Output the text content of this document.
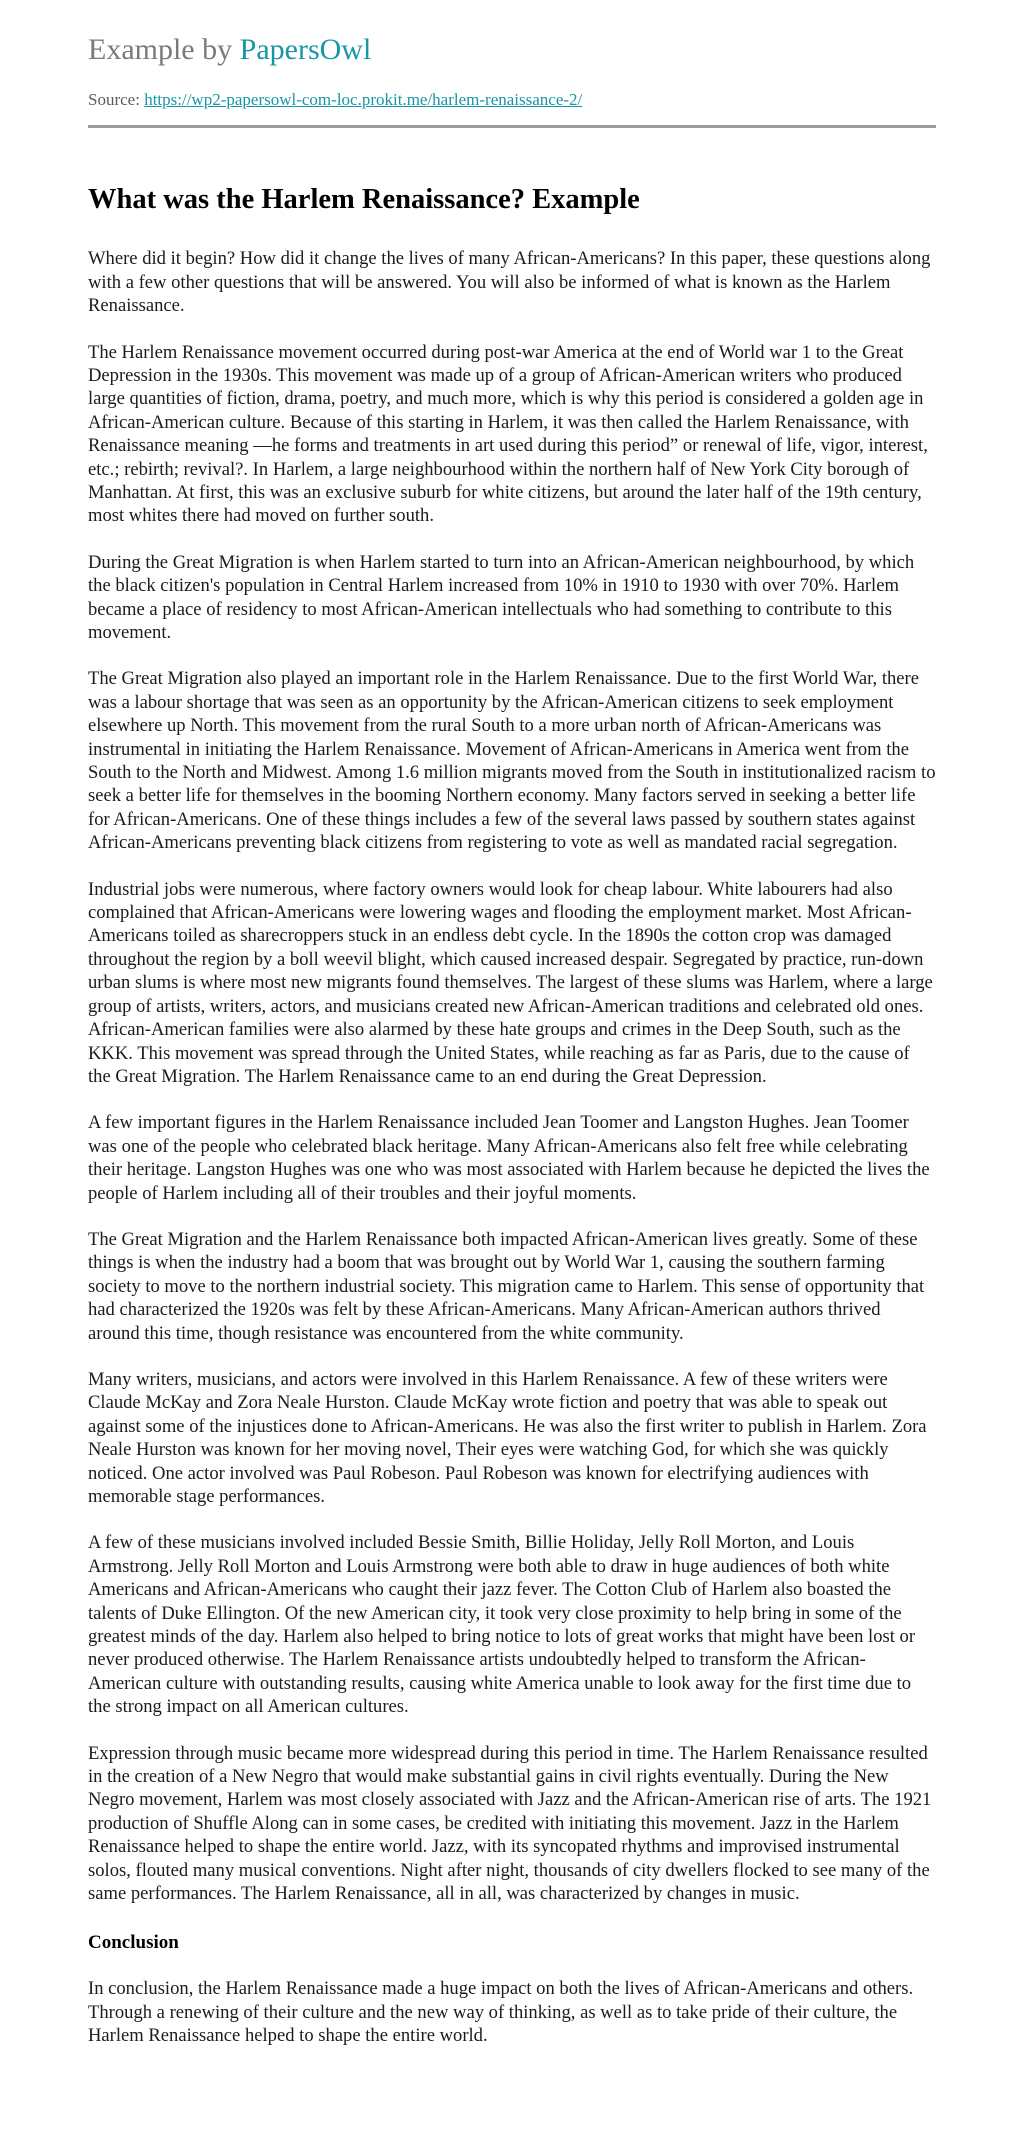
Example by PapersOwl
Source: https://wp2-papersowl-com-loc.prokit.me/harlem-renaissance-2/
What was the Harlem Renaissance? Example

Where did it begin? How did it change the lives of many African-Americans? In this paper, these questions along with a few other questions that will be answered. You will also be informed of what is known as the Harlem Renaissance.

The Harlem Renaissance movement occurred during post-war America at the end of World war 1 to the Great Depression in the 1930s. This movement was made up of a group of African-American writers who produced large quantities of fiction, drama, poetry, and much more, which is why this period is considered a golden age in African-American culture. Because of this starting in Harlem, it was then called the Harlem Renaissance, with Renaissance meaning —he forms and treatments in art used during this period” or renewal of life, vigor, interest, etc.; rebirth; revival?. In Harlem, a large neighbourhood within the northern half of New York City borough of Manhattan. At first, this was an exclusive suburb for white citizens, but around the later half of the 19th century, most whites there had moved on further south.

During the Great Migration is when Harlem started to turn into an African-American neighbourhood, by which the black citizen's population in Central Harlem increased from 10% in 1910 to 1930 with over 70%. Harlem became a place of residency to most African-American intellectuals who had something to contribute to this movement.

The Great Migration also played an important role in the Harlem Renaissance. Due to the first World War, there was a labour shortage that was seen as an opportunity by the African-American citizens to seek employment elsewhere up North. This movement from the rural South to a more urban north of African-Americans was instrumental in initiating the Harlem Renaissance. Movement of African-Americans in America went from the South to the North and Midwest. Among 1.6 million migrants moved from the South in institutionalized racism to seek a better life for themselves in the booming Northern economy. Many factors served in seeking a better life for African-Americans. One of these things includes a few of the several laws passed by southern states against African-Americans preventing black citizens from registering to vote as well as mandated racial segregation.

Industrial jobs were numerous, where factory owners would look for cheap labour. White labourers had also complained that African-Americans were lowering wages and flooding the employment market. Most African-Americans toiled as sharecroppers stuck in an endless debt cycle. In the 1890s the cotton crop was damaged throughout the region by a boll weevil blight, which caused increased despair. Segregated by practice, run-down urban slums is where most new migrants found themselves. The largest of these slums was Harlem, where a large group of artists, writers, actors, and musicians created new African-American traditions and celebrated old ones. African-American families were also alarmed by these hate groups and crimes in the Deep South, such as the KKK. This movement was spread through the United States, while reaching as far as Paris, due to the cause of the Great Migration. The Harlem Renaissance came to an end during the Great Depression.

A few important figures in the Harlem Renaissance included Jean Toomer and Langston Hughes. Jean Toomer was one of the people who celebrated black heritage. Many African-Americans also felt free while celebrating their heritage. Langston Hughes was one who was most associated with Harlem because he depicted the lives the people of Harlem including all of their troubles and their joyful moments.

The Great Migration and the Harlem Renaissance both impacted African-American lives greatly. Some of these things is when the industry had a boom that was brought out by World War 1, causing the southern farming society to move to the northern industrial society. This migration came to Harlem. This sense of opportunity that had characterized the 1920s was felt by these African-Americans. Many African-American authors thrived around this time, though resistance was encountered from the white community.

Many writers, musicians, and actors were involved in this Harlem Renaissance. A few of these writers were Claude McKay and Zora Neale Hurston. Claude McKay wrote fiction and poetry that was able to speak out against some of the injustices done to African-Americans. He was also the first writer to publish in Harlem. Zora Neale Hurston was known for her moving novel, Their eyes were watching God, for which she was quickly noticed. One actor involved was Paul Robeson. Paul Robeson was known for electrifying audiences with memorable stage performances.

A few of these musicians involved included Bessie Smith, Billie Holiday, Jelly Roll Morton, and Louis Armstrong. Jelly Roll Morton and Louis Armstrong were both able to draw in huge audiences of both white Americans and African-Americans who caught their jazz fever. The Cotton Club of Harlem also boasted the talents of Duke Ellington. Of the new American city, it took very close proximity to help bring in some of the greatest minds of the day. Harlem also helped to bring notice to lots of great works that might have been lost or never produced otherwise. The Harlem Renaissance artists undoubtedly helped to transform the African-American culture with outstanding results, causing white America unable to look away for the first time due to the strong impact on all American cultures.

Expression through music became more widespread during this period in time. The Harlem Renaissance resulted in the creation of a New Negro that would make substantial gains in civil rights eventually. During the New Negro movement, Harlem was most closely associated with Jazz and the African-American rise of arts. The 1921 production of Shuffle Along can in some cases, be credited with initiating this movement. Jazz in the Harlem Renaissance helped to shape the entire world. Jazz, with its syncopated rhythms and improvised instrumental solos, flouted many musical conventions. Night after night, thousands of city dwellers flocked to see many of the same performances. The Harlem Renaissance, all in all, was characterized by changes in music.

Conclusion

In conclusion, the Harlem Renaissance made a huge impact on both the lives of African-Americans and others. Through a renewing of their culture and the new way of thinking, as well as to take pride of their culture, the Harlem Renaissance helped to shape the entire world.
